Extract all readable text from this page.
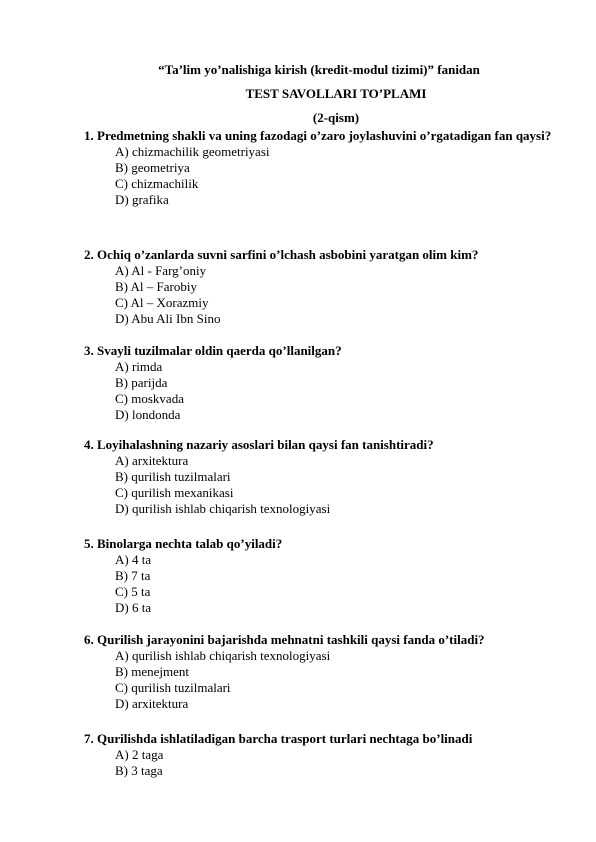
“Ta’lim yo’nalishiga kirish (kredit-modul tizimi)” fanidan
TEST SAVOLLARI TO’PLAMI
(2-qism)
1. Predmetning shakli va uning fazodagi o’zaro joylashuvini o’rgatadigan fan qaysi?
A) chizmachilik geometriyasi
B) geometriya
C) chizmachilik
D) grafika
2. Ochiq o’zanlarda suvni sarfini o’lchash asbobini yaratgan olim kim?
A) Al - Farg’oniy
B) Al – Farobiy
C) Al – Xorazmiy
D) Abu Ali Ibn Sino
3. Svayli tuzilmalar oldin qaerda qo’llanilgan?
A) rimda
B) parijda
C) moskvada
D) londonda
4. Loyihalashning nazariy asoslari bilan qaysi fan tanishtiradi?
A) arxitektura
B) qurilish tuzilmalari
C) qurilish mexanikasi
D) qurilish ishlab chiqarish texnologiyasi
5. Binolarga nechta talab qo’yiladi?
A) 4 ta
B) 7 ta
C) 5 ta
D) 6 ta
6. Qurilish jarayonini bajarishda mehnatni tashkili qaysi fanda o’tiladi?
A) qurilish ishlab chiqarish texnologiyasi
B) menejment
C) qurilish tuzilmalari
D) arxitektura
7. Qurilishda ishlatiladigan barcha trasport turlari nechtaga bo’linadi
A) 2 taga
B) 3 taga
